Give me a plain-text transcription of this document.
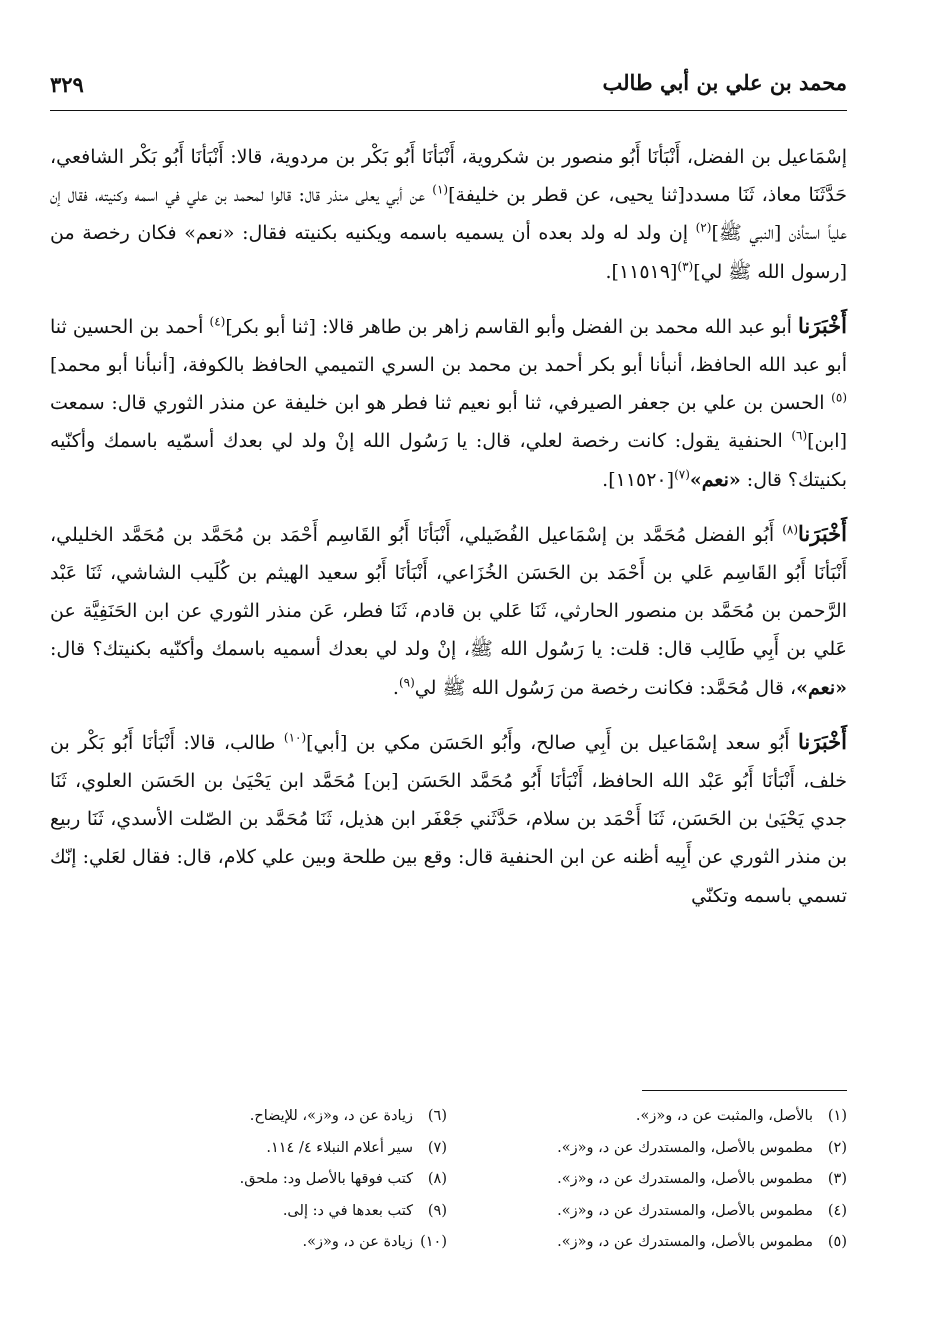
محمد بن علي بن أبي طالب
٣٢٩

إسْمَاعيل بن الفضل، أَنْبَأنَا أَبُو منصور بن شكروية، أَنْبَأنَا أَبُو بَكْر بن مردوية، قالا: أَنْبَأنَا أَبُو بَكْر الشافعي، حَدَّثَنَا معاذ، ثَنَا مسدد[ثنا يحيى، عن قطر بن خليفة]$^{(١)}$ عن أبي يعلى منذر قال: قالوا لمحمد بن علي في اسمه وكنيته، فقال إن علياً استأذن [النبي ﷺ]$^{(٢)}$ إن ولد له ولد بعده أن يسميه باسمه ويكنيه بكنيته فقال: «نعم» فكان رخصة من [رسول الله ﷺ لي]$^{(٣)}$[١١٥١٩].

أَخْبَرَنا أبو عبد الله محمد بن الفضل وأبو القاسم زاهر بن طاهر قالا: [ثنا أبو بكر]$^{(٤)}$ أحمد بن الحسين ثنا أبو عبد الله الحافظ، أنبأنا أبو بكر أحمد بن محمد بن السري التميمي الحافظ بالكوفة، [أنبأنا أبو محمد]$^{(٥)}$ الحسن بن علي بن جعفر الصيرفي، ثنا أبو نعيم ثنا فطر هو ابن خليفة عن منذر الثوري قال: سمعت [ابن]$^{(٦)}$ الحنفية يقول: كانت رخصة لعلي، قال: يا رَسُول الله إنْ ولد لي بعدك أسمّيه باسمك وأكنّيه بكنيتك؟ قال: «نعم»$^{(٧)}$[١١٥٢٠].

أَخْبَرَنا$^{(٨)}$ أَبُو الفضل مُحَمَّد بن إسْمَاعيل الفُضَيلي، أَنْبَأنَا أَبُو القَاسِم أَحْمَد بن مُحَمَّد بن مُحَمَّد الخليلي، أَنْبَأنَا أَبُو القَاسِم عَلي بن أَحْمَد بن الحَسَن الخُزَاعي، أَنْبَأنَا أَبُو سعيد الهيثم بن كُلَيب الشاشي، ثَنَا عَبْد الرَّحمن بن مُحَمَّد بن منصور الحارثي، ثَنَا عَلي بن قادم، ثَنَا فطر، عَن منذر الثوري عن ابن الحَنَفِيَّة عن عَلي بن أَبِي طَالِب قال: قلت: يا رَسُول الله ﷺ، إنْ ولد لي بعدك أسميه باسمك وأكنّيه بكنيتك؟ قال: «نعم»، قال مُحَمَّد: فكانت رخصة من رَسُول الله ﷺ لي$^{(٩)}$.

أَخْبَرَنا أَبُو سعد إسْمَاعيل بن أَبِي صالح، وأَبُو الحَسَن مكي بن [أبي]$^{(١٠)}$ طالب، قالا: أَنْبَأنَا أَبُو بَكْر بن خلف، أَنْبَأنَا أَبُو عَبْد الله الحافظ، أَنْبَأنَا أَبُو مُحَمَّد الحَسَن [بن] مُحَمَّد ابن يَحْيَىٰ بن الحَسَن العلوي، ثَنَا جدي يَحْيَىٰ بن الحَسَن، ثَنَا أَحْمَد بن سلام، حَدَّثَني جَعْفَر ابن هذيل، ثَنَا مُحَمَّد بن الصّلت الأسدي، ثَنَا ربيع بن منذر الثوري عن أَبِيه أظنه عن ابن الحنفية قال: وقع بين طلحة وبين علي كلام، قال: فقال لعَلي: إنّك تسمي باسمه وتكنّي

(١)بالأصل، والمثبت عن د، و«ز».
(٢)مطموس بالأصل، والمستدرك عن د، و«ز».
(٣)مطموس بالأصل، والمستدرك عن د، و«ز».
(٤)مطموس بالأصل، والمستدرك عن د، و«ز».
(٥)مطموس بالأصل، والمستدرك عن د، و«ز».
(٦)زيادة عن د، و«ز»، للإيضاح.
(٧)سير أعلام النبلاء ٤/ ١١٤.
(٨)كتب فوقها بالأصل ود: ملحق.
(٩)كتب بعدها في د: إلى.
(١٠)زيادة عن د، و«ز».
